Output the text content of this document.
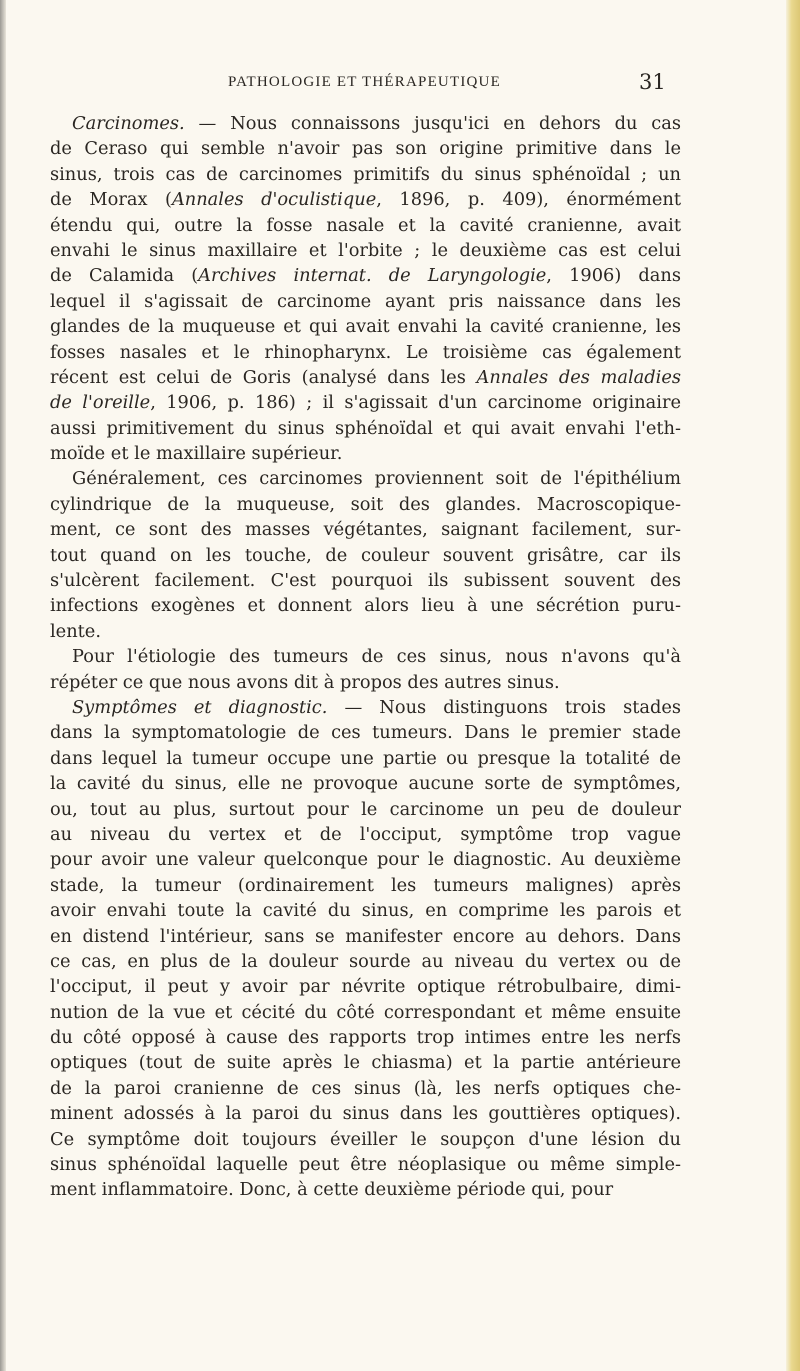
PATHOLOGIE ET THÉRAPEUTIQUE	31

Carcinomes. — Nous connaissons jusqu'ici en dehors du cas
de Ceraso qui semble n'avoir pas son origine primitive dans le
sinus, trois cas de carcinomes primitifs du sinus sphénoïdal ; un
de Morax (Annales d'oculistique, 1896, p. 409), énormément
étendu qui, outre la fosse nasale et la cavité cranienne, avait
envahi le sinus maxillaire et l'orbite ; le deuxième cas est celui
de Calamida (Archives internat. de Laryngologie, 1906) dans
lequel il s'agissait de carcinome ayant pris naissance dans les
glandes de la muqueuse et qui avait envahi la cavité cranienne, les
fosses nasales et le rhinopharynx. Le troisième cas également
récent est celui de Goris (analysé dans les Annales des maladies
de l'oreille, 1906, p. 186) ; il s'agissait d'un carcinome originaire
aussi primitivement du sinus sphénoïdal et qui avait envahi l'eth-
moïde et le maxillaire supérieur.

Généralement, ces carcinomes proviennent soit de l'épithélium
cylindrique de la muqueuse, soit des glandes. Macroscopique-
ment, ce sont des masses végétantes, saignant facilement, sur-
tout quand on les touche, de couleur souvent grisâtre, car ils
s'ulcèrent facilement. C'est pourquoi ils subissent souvent des
infections exogènes et donnent alors lieu à une sécrétion puru-
lente.

Pour l'étiologie des tumeurs de ces sinus, nous n'avons qu'à
répéter ce que nous avons dit à propos des autres sinus.

Symptômes et diagnostic. — Nous distinguons trois stades
dans la symptomatologie de ces tumeurs. Dans le premier stade
dans lequel la tumeur occupe une partie ou presque la totalité de
la cavité du sinus, elle ne provoque aucune sorte de symptômes,
ou, tout au plus, surtout pour le carcinome un peu de douleur
au niveau du vertex et de l'occiput, symptôme trop vague
pour avoir une valeur quelconque pour le diagnostic. Au deuxième
stade, la tumeur (ordinairement les tumeurs malignes) après
avoir envahi toute la cavité du sinus, en comprime les parois et
en distend l'intérieur, sans se manifester encore au dehors. Dans
ce cas, en plus de la douleur sourde au niveau du vertex ou de
l'occiput, il peut y avoir par névrite optique rétrobulbaire, dimi-
nution de la vue et cécité du côté correspondant et même ensuite
du côté opposé à cause des rapports trop intimes entre les nerfs
optiques (tout de suite après le chiasma) et la partie antérieure
de la paroi cranienne de ces sinus (là, les nerfs optiques che-
minent adossés à la paroi du sinus dans les gouttières optiques).
Ce symptôme doit toujours éveiller le soupçon d'une lésion du
sinus sphénoïdal laquelle peut être néoplasique ou même simple-
ment inflammatoire. Donc, à cette deuxième période qui, pour
